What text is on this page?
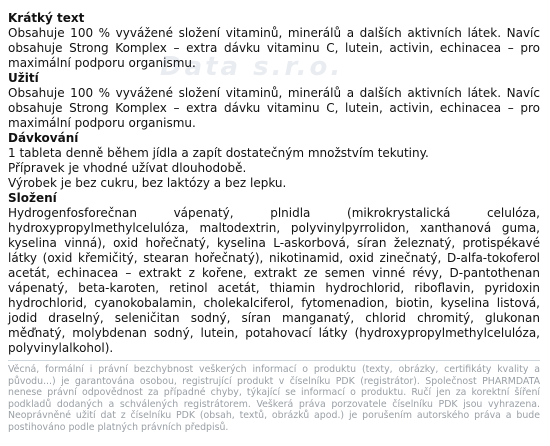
Data s.r.o.

Krátký text

Obsahuje 100 % vyvážené složení vitaminů, minerálů a dalších aktivních látek. Navíc obsahuje Strong Komplex – extra dávku vitaminu C, lutein, activin, echinacea – pro maximální podporu organismu.

Užití

Obsahuje 100 % vyvážené složení vitaminů, minerálů a dalších aktivních látek. Navíc obsahuje Strong Komplex – extra dávku vitaminu C, lutein, activin, echinacea – pro maximální podporu organismu.

Dávkování

1 tableta denně během jídla a zapít dostatečným množstvím tekutiny.

Přípravek je vhodné užívat dlouhodobě.

Výrobek je bez cukru, bez laktózy a bez lepku.

Složení

Hydrogenfosforečnan vápenatý, plnidla (mikrokrystalická celulóza, hydroxypropylmethylcelulóza, maltodextrin, polyvinylpyrrolidon, xanthanová guma, kyselina vinná), oxid hořečnatý, kyselina L-askorbová, síran železnatý, protispékavé látky (oxid křemičitý, stearan hořečnatý), nikotinamid, oxid zinečnatý, D-alfa-tokoferol acetát, echinacea – extrakt z kořene, extrakt ze semen vinné révy, D-pantothenan vápenatý, beta-karoten, retinol acetát, thiamin hydrochlorid, riboflavin, pyridoxin hydrochlorid, cyanokobalamin, cholekalciferol, fytomenadion, biotin, kyselina listová, jodid draselný, seleničitan sodný, síran manganatý, chlorid chromitý, glukonan měďnatý, molybdenan sodný, lutein, potahovací látky (hydroxypropylmethylcelulóza, polyvinylalkohol).

Věcná, formální i právní bezchybnost veškerých informací o produktu (texty, obrázky, certifikáty kvality a původu...) je garantována osobou, registrující produkt v číselníku PDK (registrátor). Společnost PHARMDATA nenese právní odpovědnost za případné chyby, týkající se informací o produktu. Ručí jen za korektní šíření podkladů dodaných a schválených registrátorem. Veškerá práva porzovatele číselníku PDK jsou vyhrazena. Neoprávněné užití dat z číselníku PDK (obsah, textů, obrázků apod.) je porušením autorského práva a bude postihováno podle platných právních předpisů.
